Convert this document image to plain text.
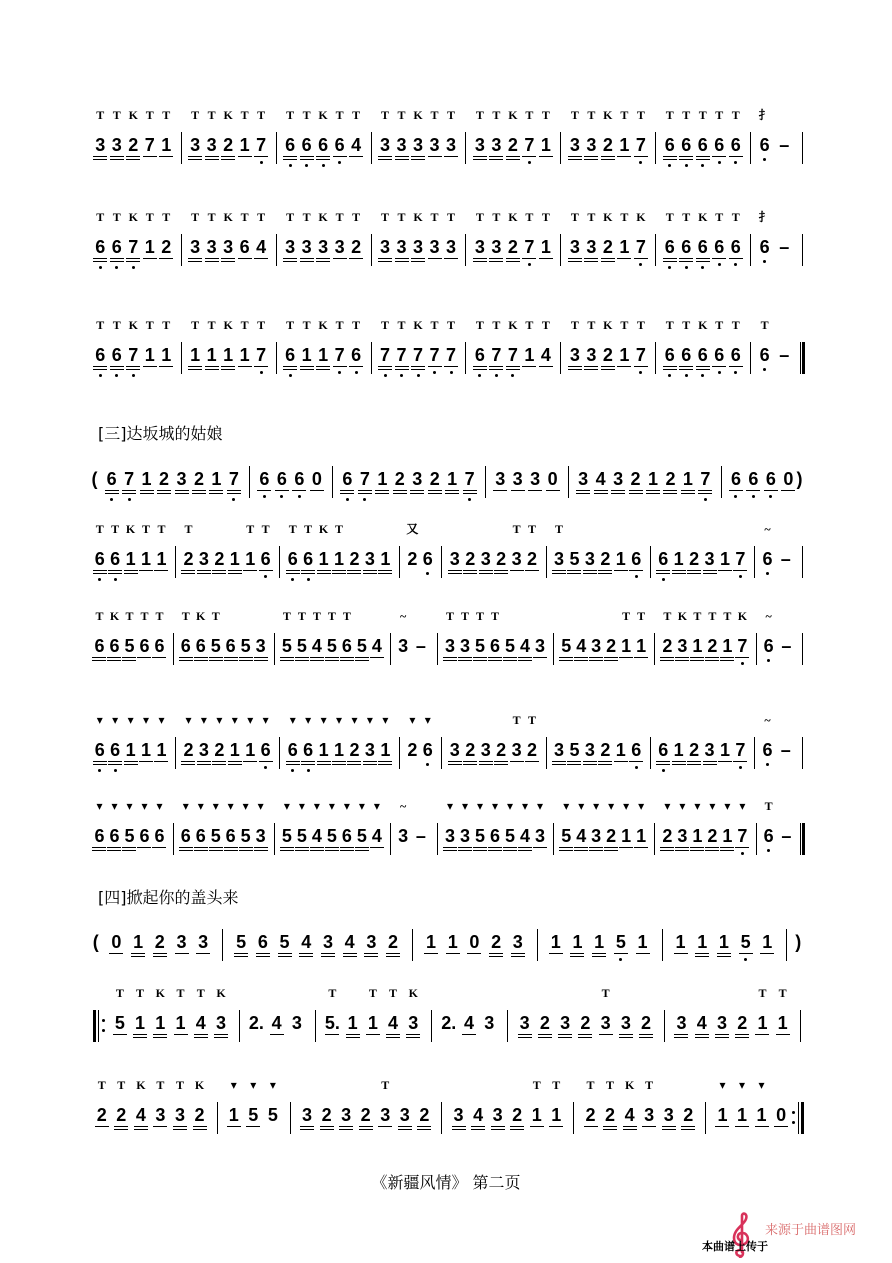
[三]达坂城的姑娘
[四]掀起你的盖头来
3
T
3
T
2
K
7
T
1
T
3
T
3
T
2
K
1
T
7
T
6
T
6
T
6
K
6
T
4
T
3
T
3
T
3
K
3
T
3
T
3
T
3
T
2
K
7
T
1
T
3
T
3
T
2
K
1
T
7
T
6
T
6
T
6
T
6
T
6
T
6
扌
–
6
T
6
T
7
K
1
T
2
T
3
T
3
T
3
K
6
T
4
T
3
T
3
T
3
K
3
T
2
T
3
T
3
T
3
K
3
T
3
T
3
T
3
T
2
K
7
T
1
T
3
T
3
T
2
K
1
T
7
K
6
T
6
T
6
K
6
T
6
T
6
扌
–
6
T
6
T
7
K
1
T
1
T
1
T
1
T
1
K
1
T
7
T
6
T
1
T
1
K
7
T
6
T
7
T
7
T
7
K
7
T
7
T
6
T
7
T
7
K
1
T
4
T
3
T
3
T
2
K
1
T
7
T
6
T
6
T
6
K
6
T
6
T
6
T
–
( 6 7 1 2 3 2 1 7 6 6 6 0 6 7 1 2 3 2 1 7 3 3 3 0 3 4 3 2 1 2 1 7 6 6 6 0 )
6
T
6
T
1
K
1
T
1
T
2
T
3 2 1 1
T
6
T
6
T
6
T
1
K
1
T
2 3 1 2
又
6 3 2 3 2 3
T
2
T
3
T
5 3 2 1 6 6 1 2 3 1 7 6
~
–
6
T
6
K
5
T
6
T
6
T
6
T
6
K
5
T
6 5 3 5
T
5
T
4
T
5
T
6
T
5 4 3
~
– 3
T
3
T
5
T
6
T
5 4 3 5 4 3 2 1
T
1
T
2
T
3
K
1
T
2
T
1
T
7
K
6
~
–
6
▾
6
▾
1
▾
1
▾
1
▾
2
▾
3
▾
2
▾
1
▾
1
▾
6
▾
6
▾
6
▾
1
▾
1
▾
2
▾
3
▾
1
▾
2
▾
6
▾
3 2 3 2 3
T
2
T
3 5 3 2 1 6 6 1 2 3 1 7 6
~
–
6
▾
6
▾
5
▾
6
▾
6
▾
6
▾
6
▾
5
▾
6
▾
5
▾
3
▾
5
▾
5
▾
4
▾
5
▾
6
▾
5
▾
4
▾
3
~
– 3
▾
3
▾
5
▾
6
▾
5
▾
4
▾
3
▾
5
▾
4
▾
3
▾
2
▾
1
▾
1
▾
2
▾
3
▾
1
▾
2
▾
1
▾
7
▾
6
T
–
( 0 1 2 3 3 5 6 5 4 3 4 3 2 1 1 0 2 3 1 1 1 5 1 1 1 1 5 1 )
5
T
1
T
1
K
1
T
4
T
3
K
2. 4 3 5.
T
1 1
T
4
T
3
K
2. 4 3 3 2 3 2 3
T
3 2 3 4 3 2 1
T
1
T
2
T
2
T
4
K
3
T
3
T
2
K
1
▾
5
▾
5
▾
3 2 3 2 3
T
3 2 3 4 3 2 1
T
1
T
2
T
2
T
4
K
3
T
3 2 1
▾
1
▾
1
▾
0
《新疆风情》 第二页
来源于曲谱图网
本曲谱上传于
